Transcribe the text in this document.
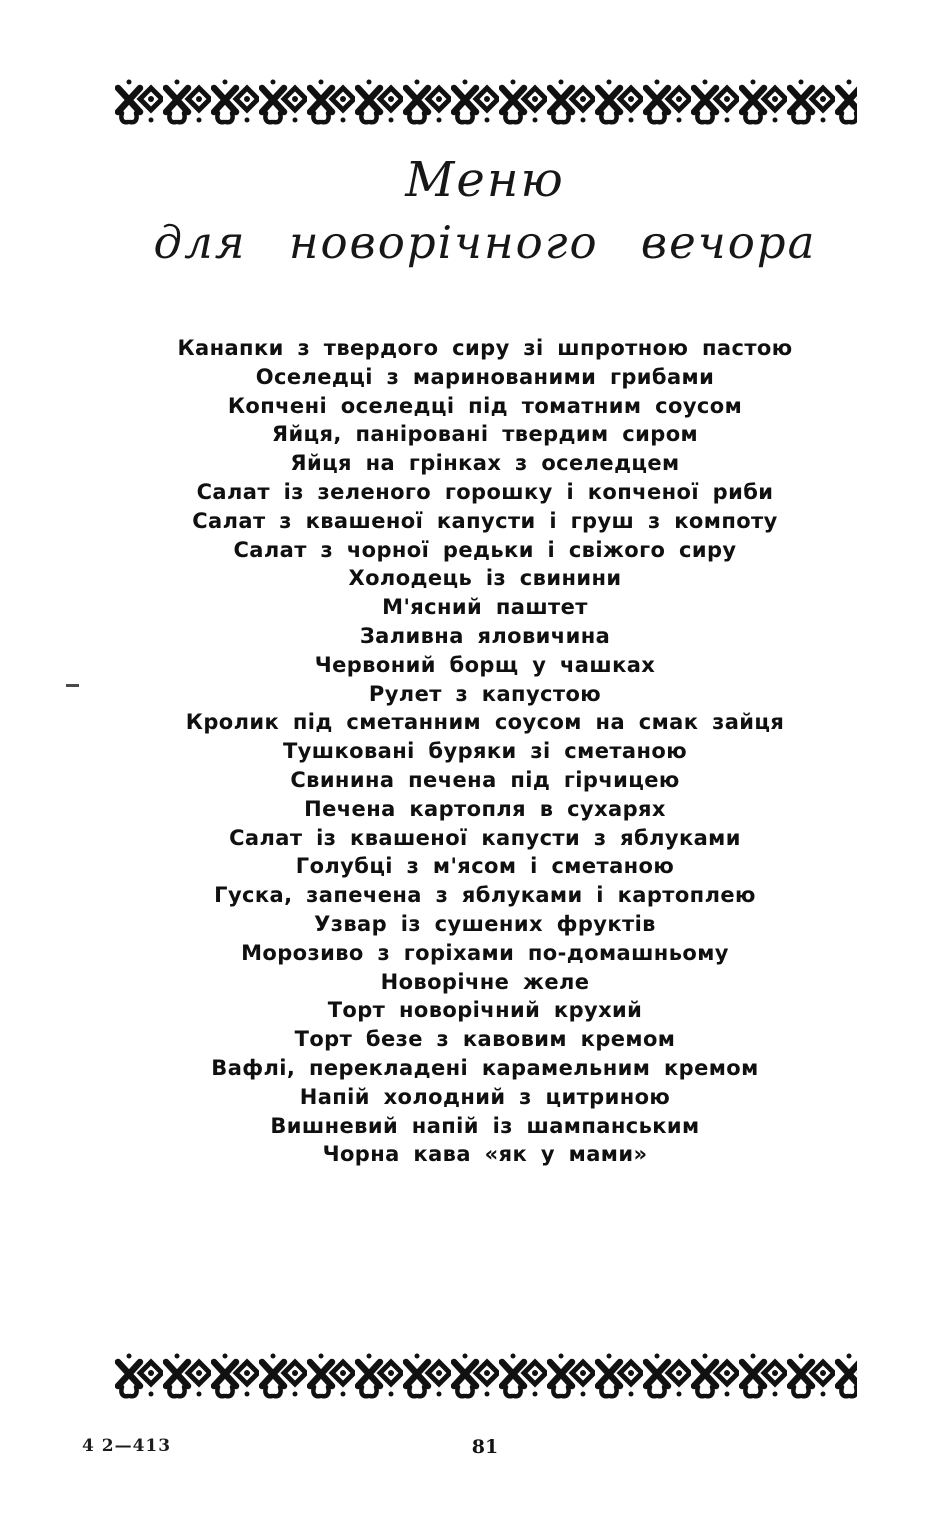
Меню
для новорічного вечора
Канапки з твердого сиру зі шпротною пастою
Оселедці з маринованими грибами
Копчені оселедці під томатним соусом
Яйця, паніровані твердим сиром
Яйця на грінках з оселедцем
Салат із зеленого горошку і копченої риби
Салат з квашеної капусти і груш з компоту
Салат з чорної редьки і свіжого сиру
Холодець із свинини
М'ясний паштет
Заливна яловичина
Червоний борщ у чашках
Рулет з капустою
Кролик під сметанним соусом на смак зайця
Тушковані буряки зі сметаною
Свинина печена під гірчицею
Печена картопля в сухарях
Салат із квашеної капусти з яблуками
Голубці з м'ясом і сметаною
Гуска, запечена з яблуками і картоплею
Узвар із сушених фруктів
Морозиво з горіхами по-домашньому
Новорічне желе
Торт новорічний крухий
Торт безе з кавовим кремом
Вафлі, перекладені карамельним кремом
Напій холодний з цитриною
Вишневий напій із шампанським
Чорна кава «як у мами»
4 2—413	81
